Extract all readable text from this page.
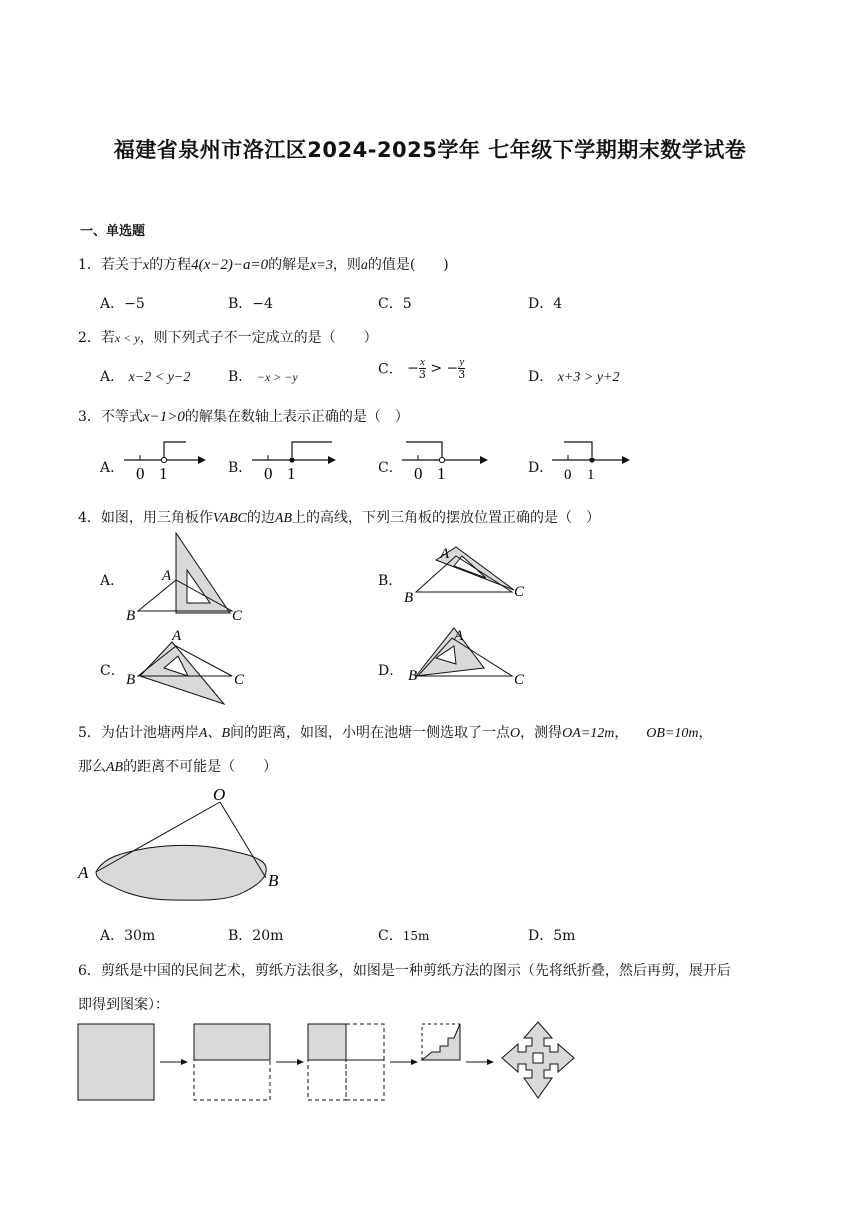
福建省泉州市洛江区2024-2025学年 七年级下学期期末数学试卷
一、单选题
1．若关于x的方程4(x−2)−a=0的解是x=3，则a的值是(　　)
A．−5	B．−4	C．5	D．4
2．若x < y，则下列式子不一定成立的是（　　）
A． x−2 < y−2	B． −x > −y	C． − $\frac{x}{3}$ > − $\frac{y}{3}$	D． x+3 > y+2
3．不等式x−1>0的解集在数轴上表示正确的是（　）
A．	B．	C．	D．
0 1	0 1	0 1	0 1
4．如图，用三角板作VABC的边AB上的高线，下列三角板的摆放位置正确的是（　）
A．	B．
C．	D．
A
B	C
A
B	C
A
B	C
A
B	C
5．为估计池塘两岸A、B间的距离，如图，小明在池塘一侧选取了一点O，测得OA=12m， OB=10m，
那么AB的距离不可能是（　　）
O
A	B
A．30m	B．20m	C．15m	D．5m
6．剪纸是中国的民间艺术，剪纸方法很多，如图是一种剪纸方法的图示（先将纸折叠，然后再剪，展开后
即得到图案）：
